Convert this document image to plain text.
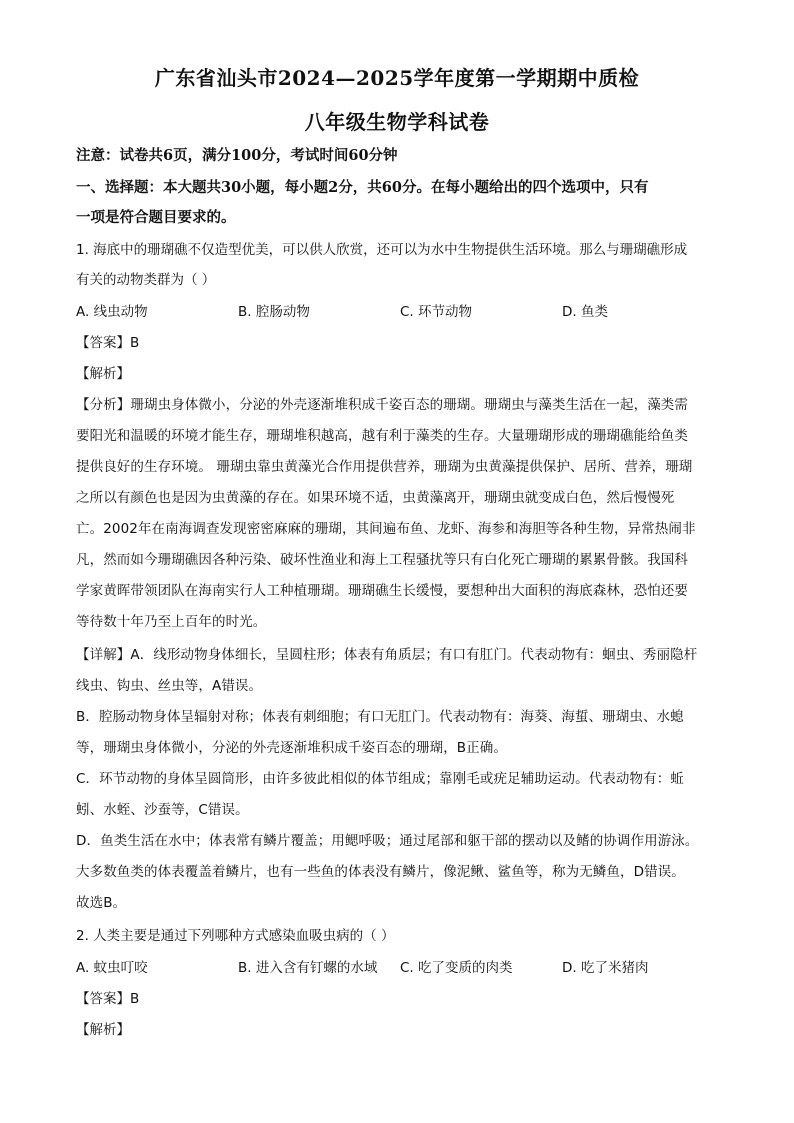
广东省汕头市2024—2025学年度第一学期期中质检
八年级生物学科试卷
注意：试卷共6页，满分100分，考试时间60分钟
一、选择题：本大题共30小题，每小题2分，共60分。在每小题给出的四个选项中，只有
一项是符合题目要求的。
1. 海底中的珊瑚礁不仅造型优美，可以供人欣赏，还可以为水中生物提供生活环境。那么与珊瑚礁形成
有关的动物类群为（ ）
A. 线虫动物	B. 腔肠动物	C. 环节动物	D. 鱼类
【答案】B
【解析】
【分析】珊瑚虫身体微小，分泌的外壳逐渐堆积成千姿百态的珊瑚。珊瑚虫与藻类生活在一起，藻类需
要阳光和温暖的环境才能生存，珊瑚堆积越高，越有利于藻类的生存。大量珊瑚形成的珊瑚礁能给鱼类
提供良好的生存环境。 珊瑚虫靠虫黄藻光合作用提供营养，珊瑚为虫黄藻提供保护、居所、营养，珊瑚
之所以有颜色也是因为虫黄藻的存在。如果环境不适，虫黄藻离开，珊瑚虫就变成白色，然后慢慢死
亡。2002年在南海调查发现密密麻麻的珊瑚，其间遍布鱼、龙虾、海参和海胆等各种生物，异常热闹非
凡，然而如今珊瑚礁因各种污染、破坏性渔业和海上工程骚扰等只有白化死亡珊瑚的累累骨骸。我国科
学家黄晖带领团队在海南实行人工种植珊瑚。珊瑚礁生长缓慢，要想种出大面积的海底森林，恐怕还要
等待数十年乃至上百年的时光。
【详解】A．线形动物身体细长，呈圆柱形；体表有角质层；有口有肛门。代表动物有：蛔虫、秀丽隐杆
线虫、钩虫、丝虫等，A错误。
B．腔肠动物身体呈辐射对称；体表有刺细胞；有口无肛门。代表动物有：海葵、海蜇、珊瑚虫、水螅
等，珊瑚虫身体微小，分泌的外壳逐渐堆积成千姿百态的珊瑚，B正确。
C．环节动物的身体呈圆筒形，由许多彼此相似的体节组成；靠刚毛或疣足辅助运动。代表动物有：蚯
蚓、水蛭、沙蚕等，C错误。
D．鱼类生活在水中；体表常有鳞片覆盖；用鳃呼吸；通过尾部和躯干部的摆动以及鳍的协调作用游泳。
大多数鱼类的体表覆盖着鳞片，也有一些鱼的体表没有鳞片，像泥鳅、鲨鱼等，称为无鳞鱼，D错误。
故选B。
2. 人类主要是通过下列哪种方式感染血吸虫病的（ ）
A. 蚊虫叮咬	B. 进入含有钉螺的水域 C. 吃了变质的肉类	D. 吃了米猪肉
【答案】B
【解析】
